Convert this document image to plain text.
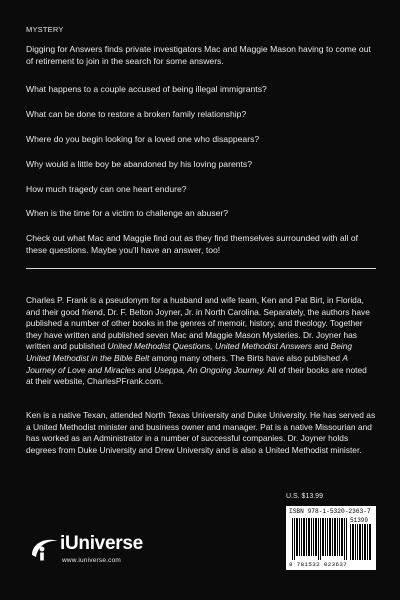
MYSTERY
Digging for Answers finds private investigators Mac and Maggie Mason having to come out of retirement to join in the search for some answers.
What happens to a couple accused of being illegal immigrants?
What can be done to restore a broken family relationship?
Where do you begin looking for a loved one who disappears?
Why would a little boy be abandoned by his loving parents?
How much tragedy can one heart endure?
When is the time for a victim to challenge an abuser?
Check out what Mac and Maggie find out as they find themselves surrounded with all of these questions. Maybe you'll have an answer, too!
Charles P. Frank is a pseudonym for a husband and wife team, Ken and Pat Birt, in Florida, and their good friend, Dr. F. Belton Joyner, Jr. in North Carolina. Separately, the authors have published a number of other books in the genres of memoir, history, and theology. Together they have written and published seven Mac and Maggie Mason Mysteries. Dr. Joyner has written and published United Methodist Questions, United Methodist Answers and Being United Methodist in the Bible Belt among many others. The Birts have also published A Journey of Love and Miracles and Useppa, An Ongoing Journey. All of their books are noted at their website, CharlesPFrank.com.
Ken is a native Texan, attended North Texas University and Duke University. He has served as a United Methodist minister and business owner and manager. Pat is a native Missourian and has worked as an Administrator in a number of successful companies. Dr. Joyner holds degrees from Duke University and Drew University and is also a United Methodist minister.
U.S. $13.99
ISBN 978-1-5320-2363-7
51399
9 781532 023637
iUniverse
www.iuniverse.com
